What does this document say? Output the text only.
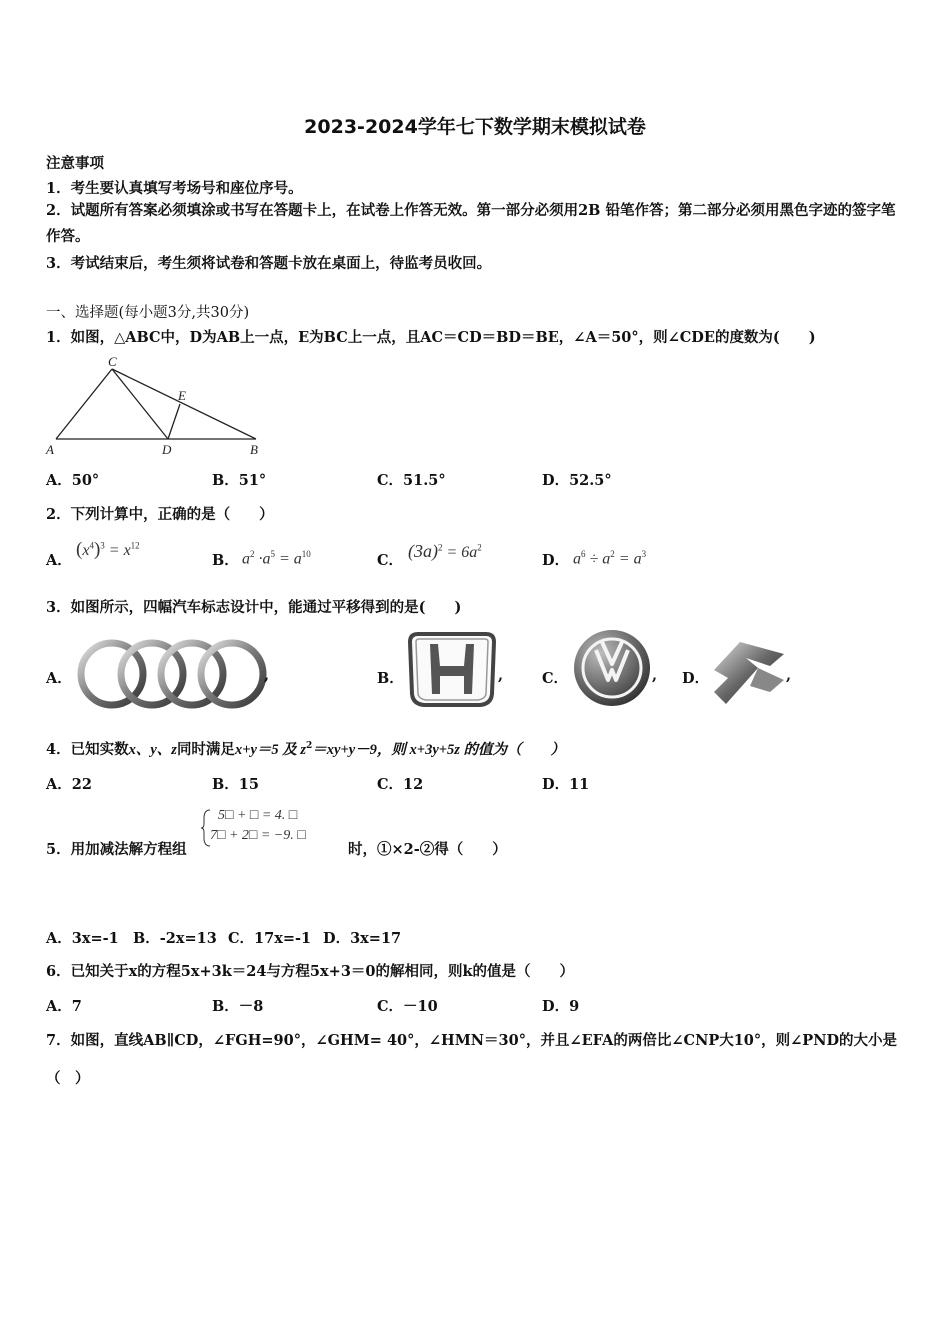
2023-2024学年七下数学期末模拟试卷
注意事项
1．考生要认真填写考场号和座位序号。
2．试题所有答案必须填涂或书写在答题卡上，在试卷上作答无效。第一部分必须用2B 铅笔作答；第二部分必须用黑色字迹的签字笔作答。
3．考试结束后，考生须将试卷和答题卡放在桌面上，待监考员收回。
一、选择题(每小题3分,共30分)
1．如图，△ABC中，D为AB上一点，E为BC上一点，且AC＝CD＝BD＝BE，∠A＝50°，则∠CDE的度数为(　　)
C
E
A	D	B
A．50°	B．51°	C．51.5°	D．52.5°
2．下列计算中，正确的是（　　）
A．
$(x^4)^3 = x^{12}$
B． $a^2 \cdot a^5 = a^{10}$	C． $(3a)^2 = 6a^2$
D． $a^6 \div a^2 = a^3$
3．如图所示，四幅汽车标志设计中，能通过平移得到的是(　　)
A．	,	B．	,	C．	, D．	,
4．已知实数x、y、z同时满足x+y＝5 及 $z^2=xy+y-9$，则 x+3y+5z 的值为（　　）
A．22	B．15	C．12	D．11
5．用加减法解方程组
5□ + □ = 4. □
7□ + 2□ = −9. □
时，①×2-②得（　　）
A．3x=-1 B．-2x=13 C．17x=-1 D．3x=17
6．已知关于x的方程5x+3k＝24与方程5x+3＝0的解相同，则k的值是（　　）
A．7	B．－8	C．－10	D．9
7．如图，直线AB∥CD，∠FGH=90°，∠GHM= 40°，∠HMN＝30°，并且∠EFA的两倍比∠CNP大10°，则∠PND的大小是（　）
